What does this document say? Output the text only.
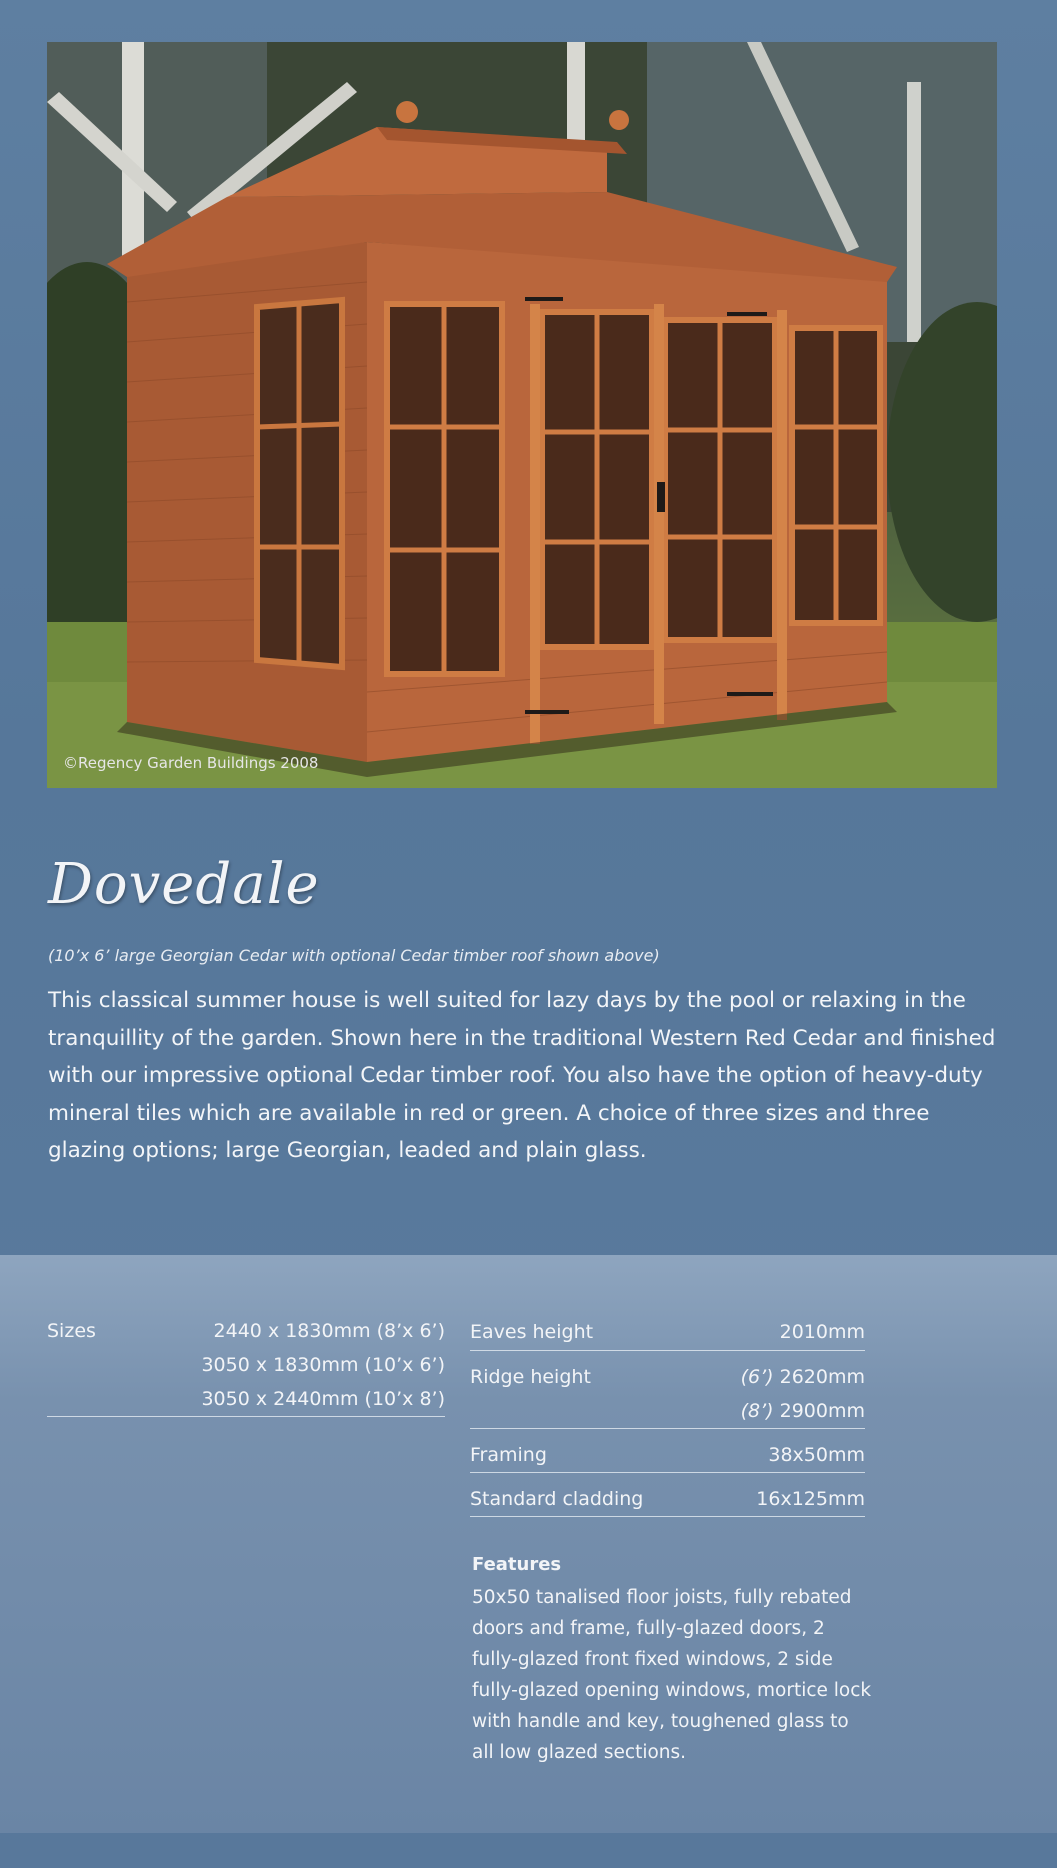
©Regency Garden Buildings 2008
Dovedale
(10’x 6’ large Georgian Cedar with optional Cedar timber roof shown above)
This classical summer house is well suited for lazy days by the pool or relaxing in the tranquillity of the garden. Shown here in the traditional Western Red Cedar and finished with our impressive optional Cedar timber roof. You also have the option of heavy-duty mineral tiles which are available in red or green. A choice of three sizes and three glazing options; large Georgian, leaded and plain glass.
Sizes	2440 x 1830mm (8’x 6’)
3050 x 1830mm (10’x 6’)
3050 x 2440mm (10’x 8’)
Eaves height	2010mm
Ridge height	(6’) 2620mm
(8’) 2900mm
Framing	38x50mm
Standard cladding	16x125mm
Features
50x50 tanalised floor joists, fully rebated doors and frame, fully-glazed doors, 2 fully-glazed front fixed windows, 2 side fully-glazed opening windows, mortice lock with handle and key, toughened glass to all low glazed sections.
